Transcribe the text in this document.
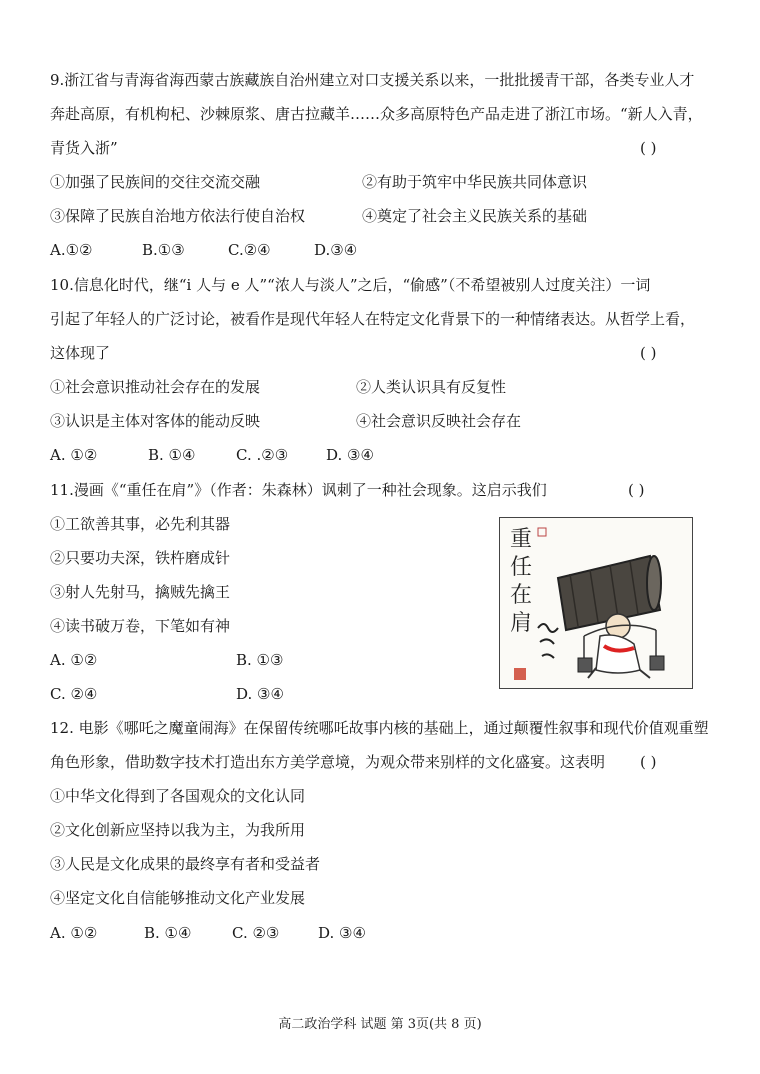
9.浙江省与青海省海西蒙古族藏族自治州建立对口支援关系以来，一批批援青干部，各类专业人才
奔赴高原，有机枸杞、沙棘原浆、唐古拉藏羊……众多高原特色产品走进了浙江市场。“新人入青，
青货入浙”	( )
①加强了民族间的交往交流交融	②有助于筑牢中华民族共同体意识
③保障了民族自治地方依法行使自治权	④奠定了社会主义民族关系的基础
A.①②	B.①③	C.②④	D.③④
10.信息化时代，继“i 人与 e 人”“浓人与淡人”之后，“偷感”（不希望被别人过度关注）一词
引起了年轻人的广泛讨论，被看作是现代年轻人在特定文化背景下的一种情绪表达。从哲学上看，
这体现了	( )
①社会意识推动社会存在的发展	②人类认识具有反复性
③认识是主体对客体的能动反映	④社会意识反映社会存在
A. ①②	B. ①④	C. .②③	D. ③④
11.漫画《“重任在肩”》（作者：朱森林）讽刺了一种社会现象。这启示我们	( )
①工欲善其事，必先利其器
②只要功夫深，铁杵磨成针
③射人先射马，擒贼先擒王
④读书破万卷，下笔如有神
A. ①②	B. ①③
C. ②④	D. ③④
重
任
在
肩
12. 电影《哪吒之魔童闹海》在保留传统哪吒故事内核的基础上，通过颠覆性叙事和现代价值观重塑
角色形象，借助数字技术打造出东方美学意境，为观众带来别样的文化盛宴。这表明 ( )
①中华文化得到了各国观众的文化认同
②文化创新应坚持以我为主，为我所用
③人民是文化成果的最终享有者和受益者
④坚定文化自信能够推动文化产业发展
A. ①②	B. ①④	C. ②③	D. ③④
高二政治学科 试题 第 3页(共 8 页)
